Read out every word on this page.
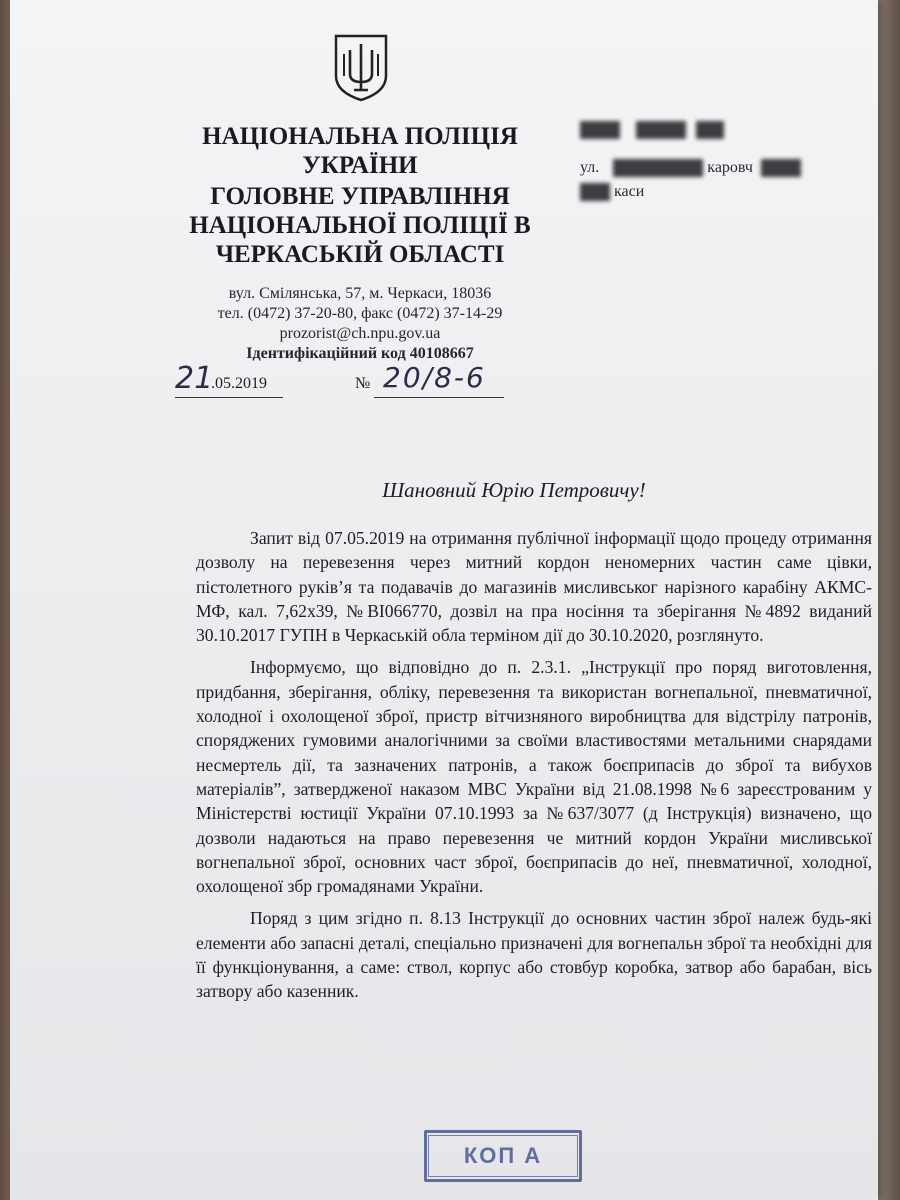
НАЦІОНАЛЬНА ПОЛІЦІЯ
УКРАЇНИ
ГОЛОВНЕ УПРАВЛІННЯ
НАЦІОНАЛЬНОЇ ПОЛІЦІЇ В
ЧЕРКАСЬКІЙ ОБЛАСТІ
вул. Смілянська, 57, м. Черкаси, 18036
тел. (0472) 37-20-80, факс (0472) 37-14-29
prozorist@ch.npu.gov.ua
Ідентифікаційний код 40108667
21
.05.2019	№ 20/8-6

ул.	каровч
каси
Шановний Юрію Петровичу!

Запит від 07.05.2019 на отримання публічної інформації щодо процеду отримання дозволу на перевезення через митний кордон неномерних частин саме цівки, пістолетного руків’я та подавачів до магазинів мисливськог нарізного карабіну АКМС-МФ, кал. 7,62х39, №ВІ066770, дозвіл на пра носіння та зберігання №4892 виданий 30.10.2017 ГУПН в Черкаській обла терміном дії до 30.10.2020, розглянуто.

Інформуємо, що відповідно до п. 2.3.1. „Інструкції про поряд виготовлення, придбання, зберігання, обліку, перевезення та використан вогнепальної, пневматичної, холодної і охолощеної зброї, пристр вітчизняного виробництва для відстрілу патронів, споряджених гумовими аналогічними за своїми властивостями метальними снарядами несмертель дії, та зазначених патронів, а також боєприпасів до зброї та вибухов матеріалів”, затвердженої наказом МВС України від 21.08.1998 №6 зареєстрованим у Міністерстві юстиції України 07.10.1993 за №637/3077 (д Інструкція) визначено, що дозволи надаються на право перевезення че митний кордон України мисливської вогнепальної зброї, основних част зброї, боєприпасів до неї, пневматичної, холодної, охолощеної збр громадянами України.

Поряд з цим згідно п. 8.13 Інструкції до основних частин зброї належ будь-які елементи або запасні деталі, спеціально призначені для вогнепальн зброї та необхідні для її функціонування, а саме: ствол, корпус або стовбур коробка, затвор або барабан, вісь затвору або казенник.

КОП А
